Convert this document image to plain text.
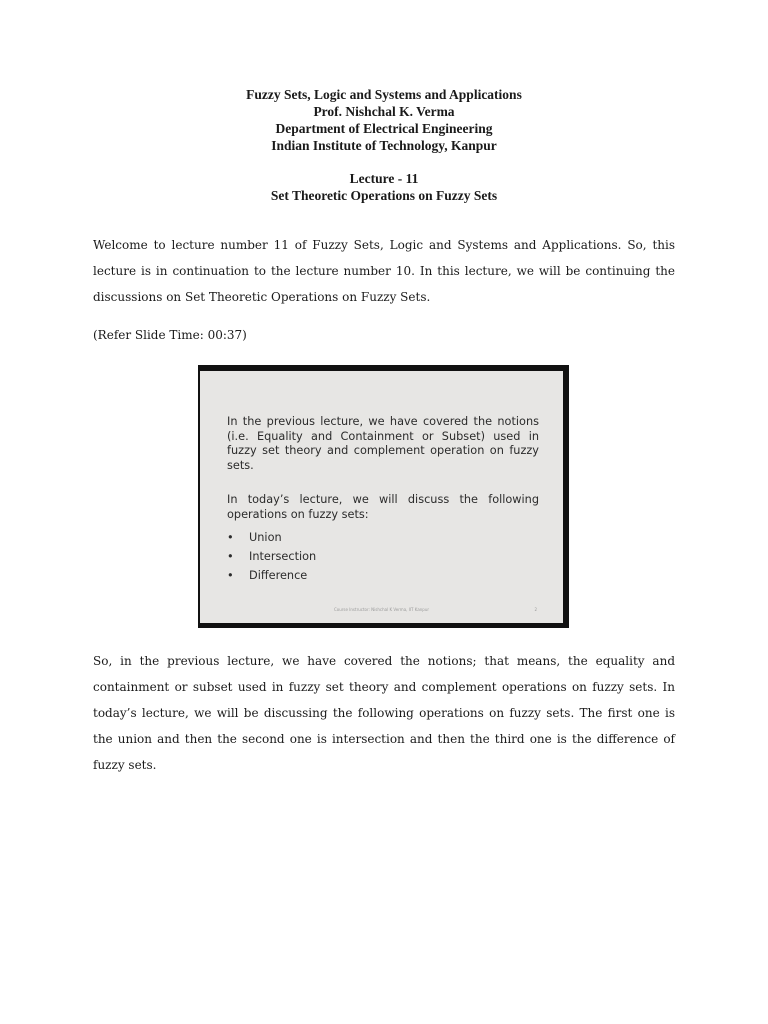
Fuzzy Sets, Logic and Systems and Applications
Prof. Nishchal K. Verma
Department of Electrical Engineering
Indian Institute of Technology, Kanpur
Lecture - 11
Set Theoretic Operations on Fuzzy Sets

Welcome to lecture number 11 of Fuzzy Sets, Logic and Systems and Applications. So, this lecture is in continuation to the lecture number 10. In this lecture, we will be continuing the discussions on Set Theoretic Operations on Fuzzy Sets.

(Refer Slide Time: 00:37)

In the previous lecture, we have covered the notions (i.e. Equality and Containment or Subset) used in fuzzy set theory and complement operation on fuzzy sets.

In today’s lecture, we will discuss the following operations on fuzzy sets:

• Union
• Intersection
• Difference
Course Instructor: Nishchal K Verma, IIT Kanpur	2

So, in the previous lecture, we have covered the notions; that means, the equality and containment or subset used in fuzzy set theory and complement operations on fuzzy sets. In today’s lecture, we will be discussing the following operations on fuzzy sets. The first one is the union and then the second one is intersection and then the third one is the difference of fuzzy sets.
